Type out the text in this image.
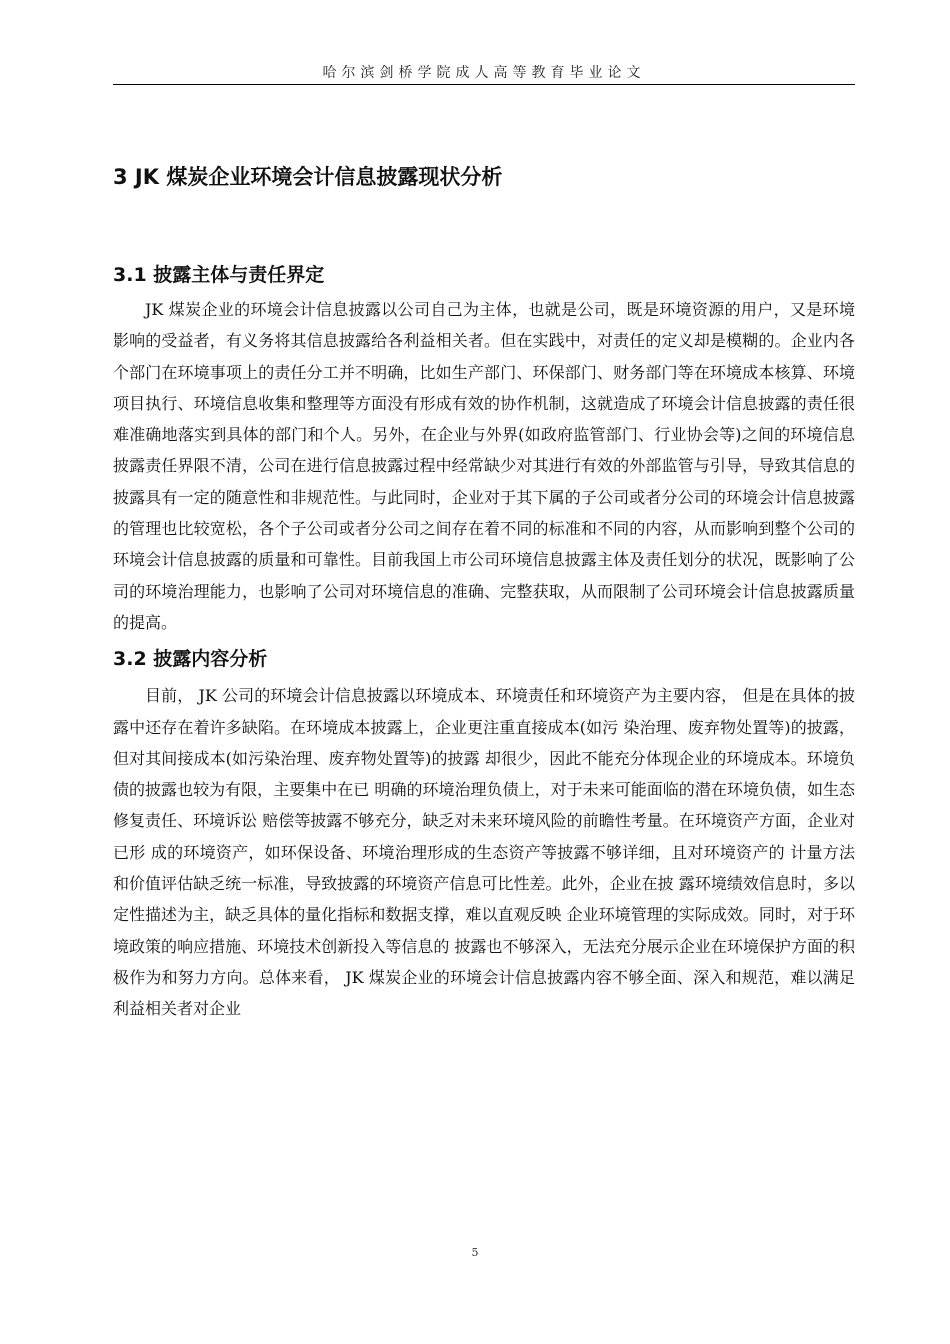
哈尔滨剑桥学院成人高等教育毕业论文
3 JK 煤炭企业环境会计信息披露现状分析
3.1 披露主体与责任界定

JK 煤炭企业的环境会计信息披露以公司自己为主体，也就是公司，既是环境资源的用户，又是环境影响的受益者，有义务将其信息披露给各利益相关者。但在实践中，对责任的定义却是模糊的。企业内各个部门在环境事项上的责任分工并不明确，比如生产部门、环保部门、财务部门等在环境成本核算、环境项目执行、环境信息收集和整理等方面没有形成有效的协作机制，这就造成了环境会计信息披露的责任很难准确地落实到具体的部门和个人。另外，在企业与外界(如政府监管部门、行业协会等)之间的环境信息披露责任界限不清，公司在进行信息披露过程中经常缺少对其进行有效的外部监管与引导，导致其信息的披露具有一定的随意性和非规范性。与此同时，企业对于其下属的子公司或者分公司的环境会计信息披露的管理也比较宽松，各个子公司或者分公司之间存在着不同的标准和不同的内容，从而影响到整个公司的环境会计信息披露的质量和可靠性。目前我国上市公司环境信息披露主体及责任划分的状况，既影响了公司的环境治理能力，也影响了公司对环境信息的准确、完整获取，从而限制了公司环境会计信息披露质量的提高。

3.2 披露内容分析

目前， JK 公司的环境会计信息披露以环境成本、环境责任和环境资产为主要内容， 但是在具体的披露中还存在着许多缺陷。在环境成本披露上，企业更注重直接成本(如污 染治理、废弃物处置等)的披露，但对其间接成本(如污染治理、废弃物处置等)的披露 却很少，因此不能充分体现企业的环境成本。环境负债的披露也较为有限，主要集中在已 明确的环境治理负债上，对于未来可能面临的潜在环境负债，如生态修复责任、环境诉讼 赔偿等披露不够充分，缺乏对未来环境风险的前瞻性考量。在环境资产方面，企业对已形 成的环境资产，如环保设备、环境治理形成的生态资产等披露不够详细，且对环境资产的 计量方法和价值评估缺乏统一标准，导致披露的环境资产信息可比性差。此外，企业在披 露环境绩效信息时，多以定性描述为主，缺乏具体的量化指标和数据支撑，难以直观反映 企业环境管理的实际成效。同时，对于环境政策的响应措施、环境技术创新投入等信息的 披露也不够深入，无法充分展示企业在环境保护方面的积极作为和努力方向。总体来看， JK 煤炭企业的环境会计信息披露内容不够全面、深入和规范，难以满足利益相关者对企业

5
